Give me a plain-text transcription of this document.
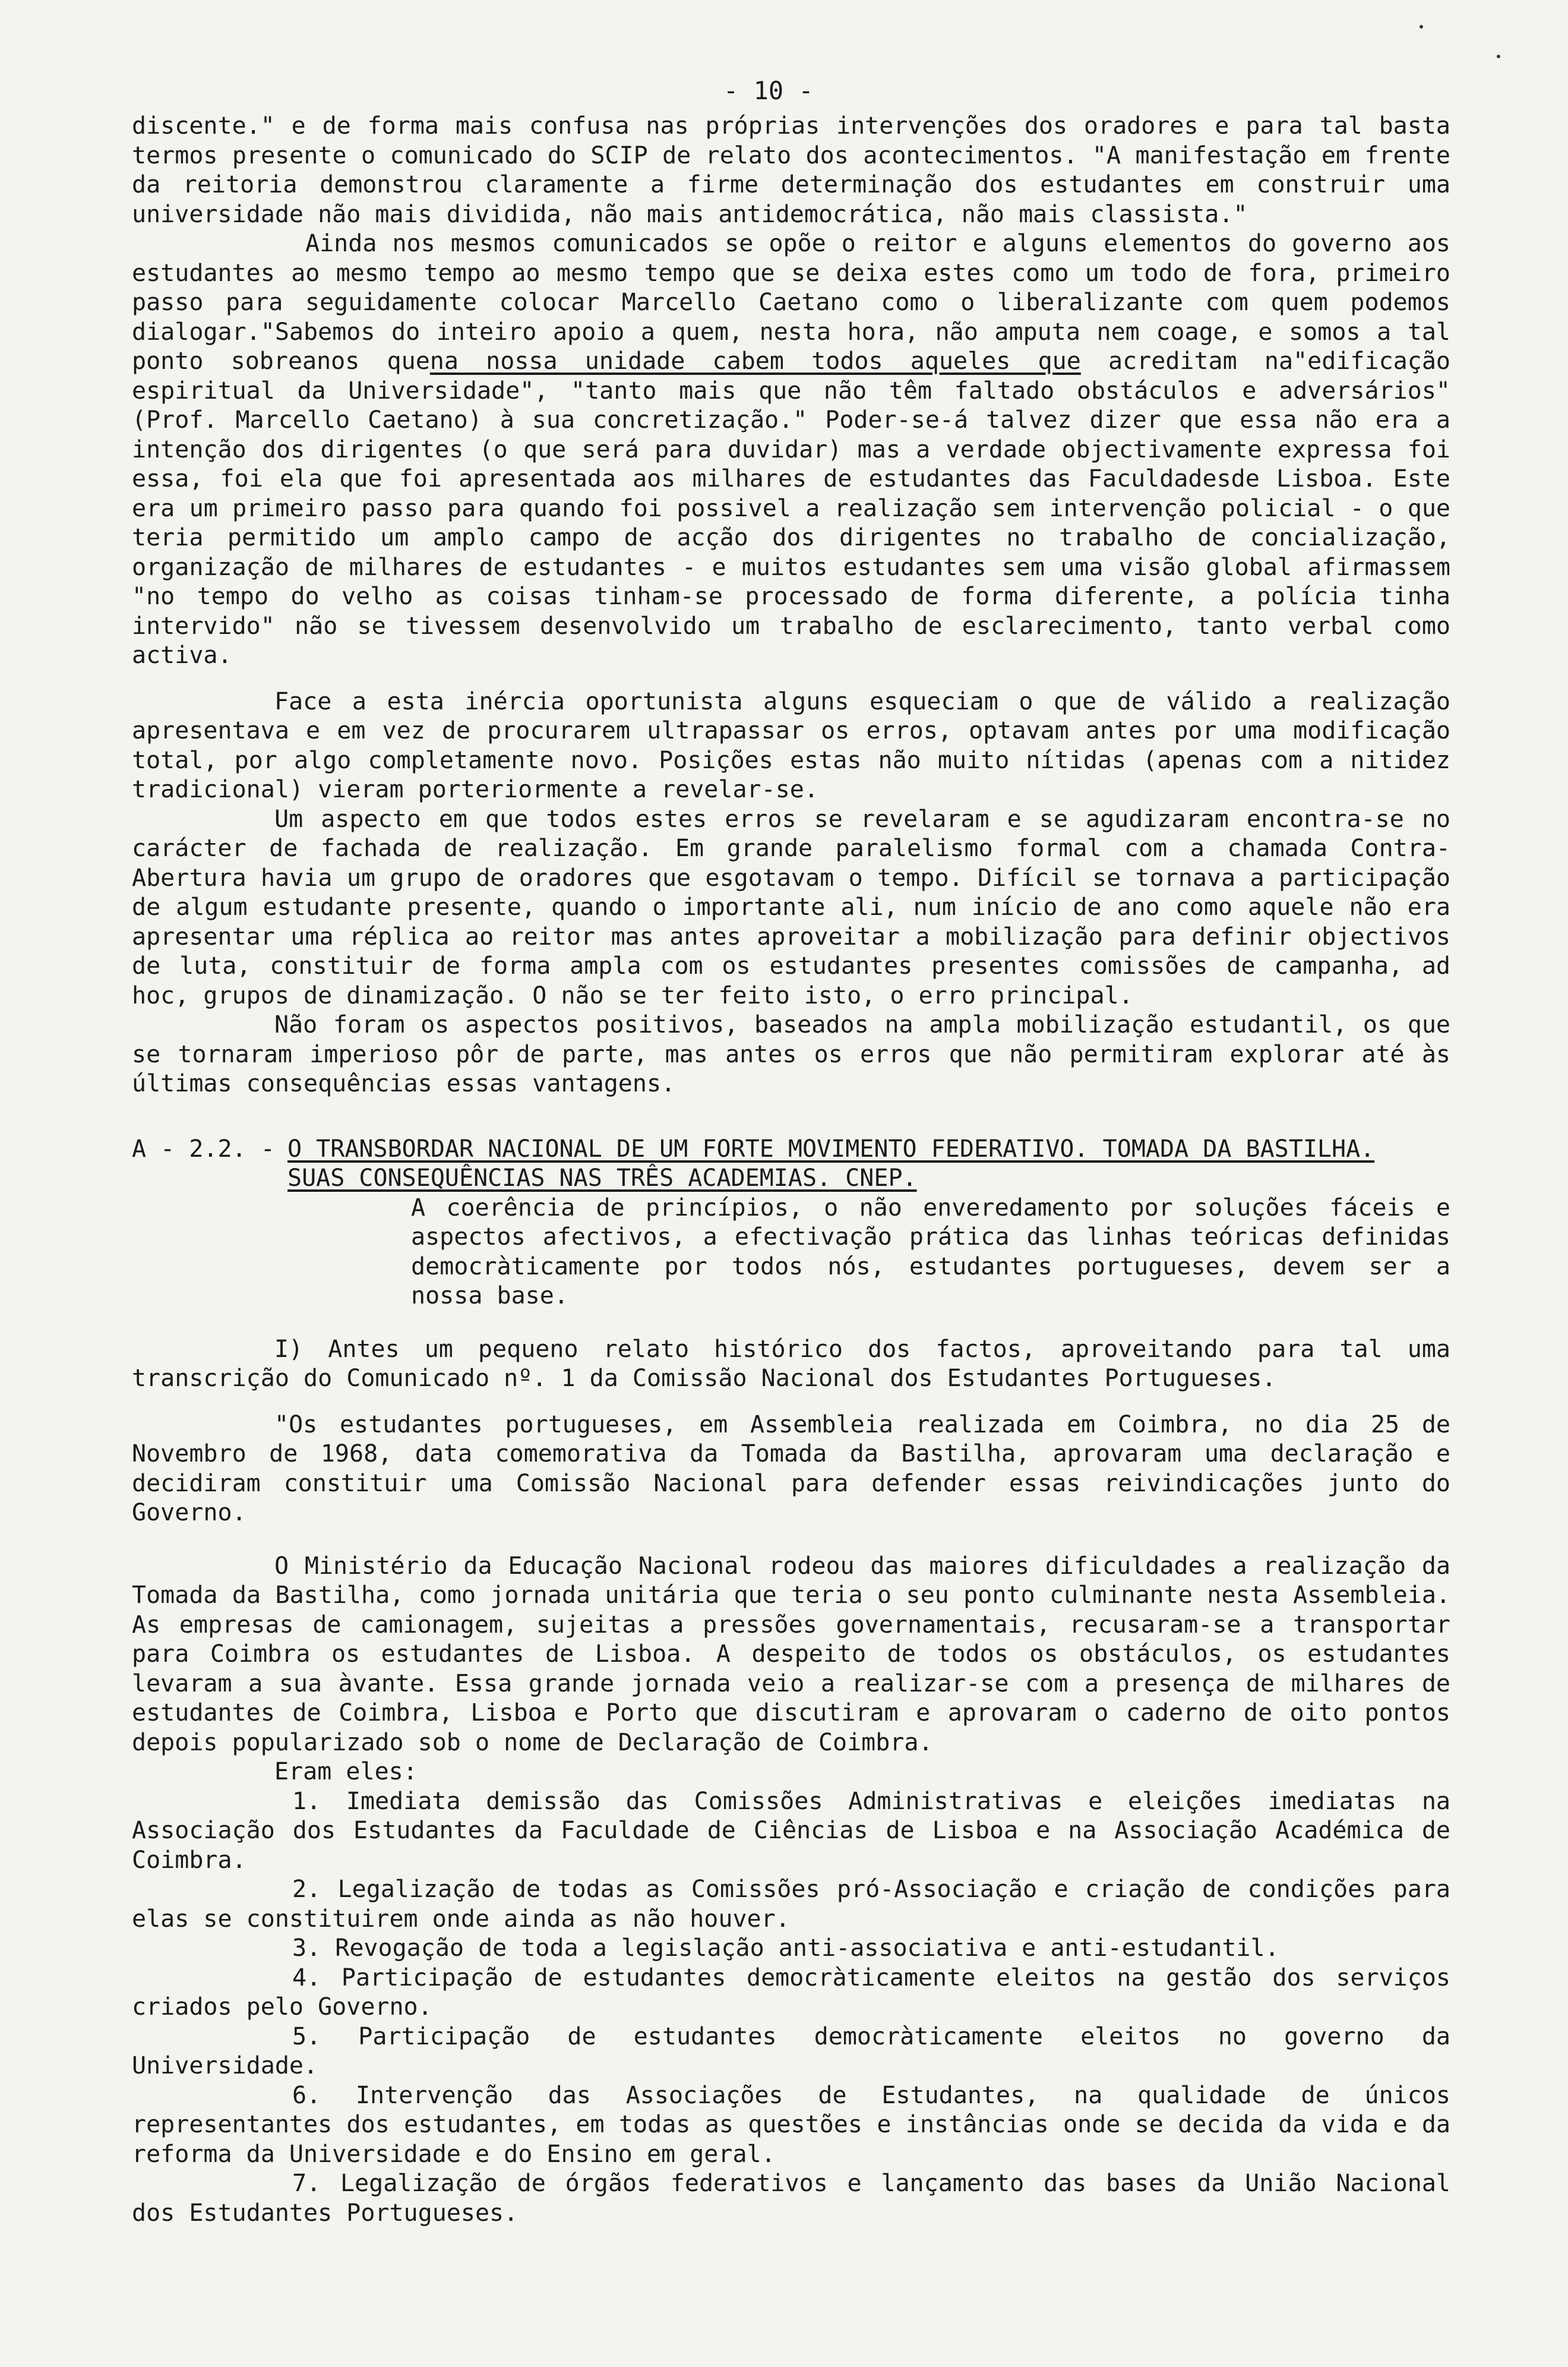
- 10 -

discente." e de forma mais confusa nas próprias intervenções dos oradores e para tal basta termos presente o comunicado do SCIP de relato dos acontecimentos. "A manifestação em frente da reitoria demonstrou claramente a firme determinação dos estudantes em construir uma universidade não mais dividida, não mais antidemocrática, não mais classista."

Ainda nos mesmos comunicados se opõe o reitor e alguns elementos do governo aos estudantes ao mesmo tempo ao mesmo tempo que se deixa estes como um todo de fora, primeiro passo para seguidamente colocar Marcello Caetano como o liberalizante com quem podemos dialogar."Sabemos do inteiro apoio a quem, nesta hora, não amputa nem coage, e somos a tal ponto sobreanos quena nossa unidade cabem todos aqueles que acreditam na"edificação espiritual da Universidade", "tanto mais que não têm faltado obstáculos e adversários" (Prof. Marcello Caetano) à sua concretização." Poder-se-á talvez dizer que essa não era a intenção dos dirigentes (o que será para duvidar) mas a verdade objectivamente expressa foi essa, foi ela que foi apresentada aos milhares de estudantes das Faculdadesde Lisboa. Este era um primeiro passo para quando foi possivel a realização sem intervenção policial - o que teria permitido um amplo campo de acção dos dirigentes no trabalho de concialização, organização de milhares de estudantes - e muitos estudantes sem uma visão global afirmassem "no tempo do velho as coisas tinham-se processado de forma diferente, a polícia tinha intervido" não se tivessem desenvolvido um trabalho de esclarecimento, tanto verbal como activa.

Face a esta inércia oportunista alguns esqueciam o que de válido a realização apresentava e em vez de procurarem ultrapassar os erros, optavam antes por uma modificação total, por algo completamente novo. Posições estas não muito nítidas (apenas com a nitidez tradicional) vieram porteriormente a revelar-se.

Um aspecto em que todos estes erros se revelaram e se agudizaram encontra-se no carácter de fachada de realização. Em grande paralelismo formal com a chamada Contra-Abertura havia um grupo de oradores que esgotavam o tempo. Difícil se tornava a participação de algum estudante presente, quando o importante ali, num início de ano como aquele não era apresentar uma réplica ao reitor mas antes aproveitar a mobilização para definir objectivos de luta, constituir de forma ampla com os estudantes presentes comissões de campanha, ad hoc, grupos de dinamização. O não se ter feito isto, o erro principal.

Não foram os aspectos positivos, baseados na ampla mobilização estudantil, os que se tornaram imperioso pôr de parte, mas antes os erros que não permitiram explorar até às últimas consequências essas vantagens.

A - 2.2. - O TRANSBORDAR NACIONAL DE UM FORTE MOVIMENTO FEDERATIVO. TOMADA DA BASTILHA.
SUAS CONSEQUÊNCIAS NAS TRÊS ACADEMIAS. CNEP.

A coerência de princípios, o não enveredamento por soluções fáceis e aspectos afectivos, a efectivação prática das linhas teóricas definidas democràticamente por todos nós, estudantes portugueses, devem ser a nossa base.

I) Antes um pequeno relato histórico dos factos, aproveitando para tal uma transcrição do Comunicado nº. 1 da Comissão Nacional dos Estudantes Portugueses.

"Os estudantes portugueses, em Assembleia realizada em Coimbra, no dia 25 de Novembro de 1968, data comemorativa da Tomada da Bastilha, aprovaram uma declaração e decidiram constituir uma Comissão Nacional para defender essas reivindicações junto do Governo.

O Ministério da Educação Nacional rodeou das maiores dificuldades a realização da Tomada da Bastilha, como jornada unitária que teria o seu ponto culminante nesta Assembleia. As empresas de camionagem, sujeitas a pressões governamentais, recusaram-se a transportar para Coimbra os estudantes de Lisboa. A despeito de todos os obstáculos, os estudantes levaram a sua àvante. Essa grande jornada veio a realizar-se com a presença de milhares de estudantes de Coimbra, Lisboa e Porto que discutiram e aprovaram o caderno de oito pontos depois popularizado sob o nome de Declaração de Coimbra.

Eram eles:

1. Imediata demissão das Comissões Administrativas e eleições imediatas na Associação dos Estudantes da Faculdade de Ciências de Lisboa e na Associação Académica de Coimbra.

2. Legalização de todas as Comissões pró-Associação e criação de condições para elas se constituirem onde ainda as não houver.

3. Revogação de toda a legislação anti-associativa e anti-estudantil.

4. Participação de estudantes democràticamente eleitos na gestão dos serviços criados pelo Governo.

5. Participação de estudantes democràticamente eleitos no governo da Universidade.

6. Intervenção das Associações de Estudantes, na qualidade de únicos representantes dos estudantes, em todas as questões e instâncias onde se decida da vida e da reforma da Universidade e do Ensino em geral.

7. Legalização de órgãos federativos e lançamento das bases da União Nacional dos Estudantes Portugueses.
